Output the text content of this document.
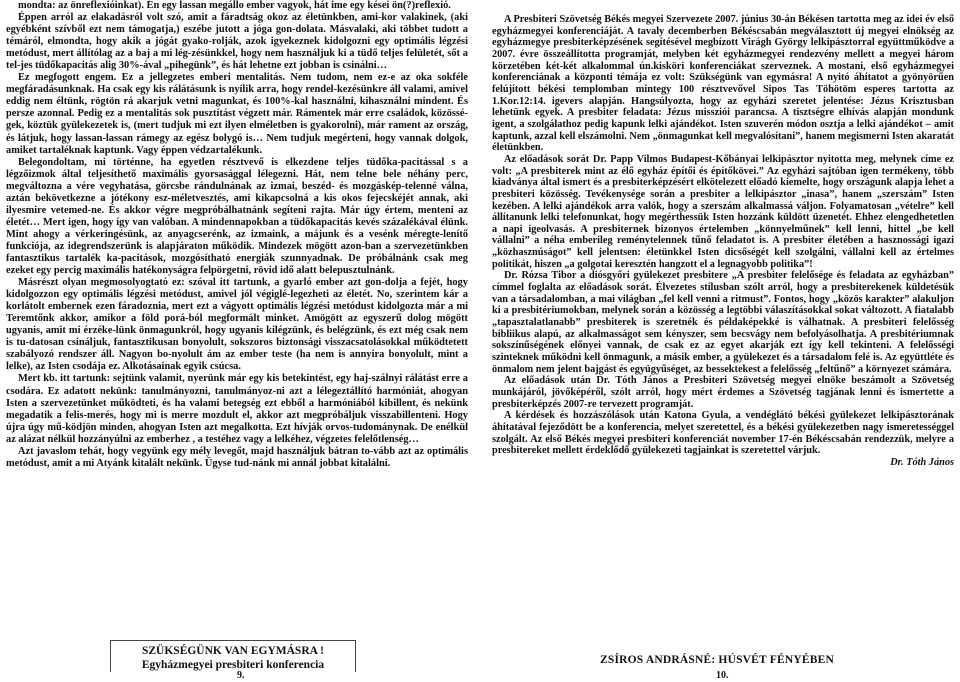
mondta: az önreflexióinkat). Én egy lassan megállo ember vagyok, hát ime egy kései ön(?)reflexió.

Éppen arról az elakadásról volt szó, amit a fáradtság okoz az életünkben, ami-kor valakinek, (aki egyébként szívből ezt nem támogatja,) eszébe jutott a jóga gon-dolata. Másvalaki, aki többet tudott a témáról, elmondta, hogy akik a jógát gyako-rolják, azok igyekeznek kidolgozni egy optimális légzési metódust, mert állítólag az a baj a mi lég-zésünkkel, hogy nem használjuk ki a tüdő teljes felületét, sőt a tel-jes tüdőkapacitás alig 30%-ával „pihegünk”, és hát lehetne ezt jobban is csinálni…

Ez megfogott engem. Ez a jellegzetes emberi mentalitás. Nem tudom, nem ez-e az oka sokféle megfáradásunknak. Ha csak egy kis rálátásunk is nyílik arra, hogy rendel-kezésünkre áll valami, amivel eddig nem éltünk, rögtön rá akarjuk vetni magunkat, és 100%-kal használni, kihasználni mindent. És persze azonnal. Pedig ez a mentalitás sok pusztítást végzett már. Rámentek már erre családok, közössé-gek, köztük gyülekezetek is, (mert tudjuk mi ezt ilyen elméletben is gyakorolni), már rament az ország, és látjuk, hogy lassan-lassan rámegy az egész bolygó is… Nem tudjuk megérteni, hogy vannak dolgok, amiket tartaléknak kaptunk. Vagy éppen védzartalékunk.

Belegondoltam, mi történne, ha egyetlen résztvevő is elkezdene teljes tüdőka-pacitással s a légzőizmok által teljesíthető maximális gyorsasággal lélegezni. Hát, nem telne bele néhány perc, megváltozna a vére vegyhatása, görcsbe rándulnának az izmai, beszéd- és mozgáskép-telenné válna, aztán bekövetkezne a jótékony esz-méletvesztés, ami kikapcsolná a kis okos fejecskéjét annak, aki ilyesmire vetemed-ne. És akkor végre megpróbálhatnánk segíteni rajta. Már úgy értem, menteni az életét… Mert igen, hogy így van valóban. A mindennapokban a tüdőkapacitás kevés százalékával élünk. Mint ahogy a vérkeringésünk, az anyagcserénk, az izmaink, a májunk és a vesénk méregte-lenítő funkciója, az idegrendszerünk is alapjáraton működik. Mindezek mögött azon-ban a szervezetünkben fantasztikus tartalék ka-pacitások, mozgósítható energiák szunnyadnak. De próbálnánk csak meg ezeket egy percig maximális hatékonyságra felpörgetni, rövid idő alatt belepusztulnánk.

Másrészt olyan megmosolyogtató ez: szóval itt tartunk, a gyarló ember azt gon-dolja a fejét, hogy kidolgozzon egy optimális légzési metódust, amivel jól végiglé-legezheti az életét. No, szerintem kár a korlátolt embernek ezen fáradoznia, mert ezt a vágyott optimális légzési metódust kidolgozta már a mi Teremtőnk akkor, amikor a föld porá-ból megformált minket. Amögött az egyszerű dolog mögött ugyanis, amit mi érzéke-lünk önmagunkról, hogy ugyanis kilégzünk, és belégzünk, és ezt még csak nem is tu-datosan csináljuk, fantasztikusan bonyolult, sokszoros biztonsági visszacsatolásokkal működtetett szabályozó rendszer áll. Nagyon bo-nyolult ám az ember teste (ha nem is annyira bonyolult, mint a lelke), az Isten csodája ez. Alkotásainak egyik csúcsa.

Mert kb. itt tartunk: sejtünk valamit, nyerünk már egy kis betekintést, egy haj-szálnyi rálátást erre a csodára. Ez adatott nekünk: tanulmányozni, tanulmányoz-ni azt a lélegeztállító harmóniát, ahogyan Isten a szervezetünket működteti, és ha valami betegség ezt ebből a harmóniából kibillent, és nekünk megadatik a felis-merés, hogy mi is merre mozdult el, akkor azt megpróbáljuk visszabillenteni. Hogy újra úgy mű-ködjön minden, ahogyan Isten azt megalkotta. Ezt hívják orvos-tudománynak. De enélkül az alázat nélkül hozzányúlni az emberhez , a testéhez vagy a lelkéhez, végzetes felelőtlenség…

Azt javaslom tehát, hogy vegyünk egy mély levegőt, majd használjuk bátran to-vább azt az optimális metódust, amit a mi Atyánk kitalált nekünk. Ügyse tud-nánk mi annál jobbat kitalálni.

SZÜKSÉGÜNK VAN EGYMÁSRA !
Egyházmegyei presbiteri konferencia
9.

A Presbiteri Szövetség Békés megyei Szervezete 2007. június 30-án Békésen tartotta meg az idei év első egyházmegyei konferenciáját. A tavaly decemberben Békéscsabán megválasztott új megyei elnökség az egyházmegye presbiterképzésének segítésével megbízott Virágh György lelkipásztorral együttműködve a 2007. évre összeállította programját, melyben két egyházmegyei rendezvény mellett a megyei három körzetében két-két alkalommal ún.kisköri konferenciákat szerveznek. A mostani, első egyházmegyei konferenciának a központi témája ez volt: Szükségünk van egymásra! A nyitó áhítatot a gyönyörűen felújított békési templomban mintegy 100 résztvevővel Sipos Tas Töhötöm esperes tartotta az 1.Kor.12:14. igevers alapján. Hangsúlyozta, hogy az egyházi szeretet jelentése: Jézus Krisztusban lehetünk egyek. A presbiter feladata: Jézus missziói parancsa. A tisztségre elhívás alapján mondunk igent, a szolgálathoz pedig kapunk lelki ajándékot. Isten szuverén módon osztja a lelki ajándékot – amit kaptunk, azzal kell elszámolni. Nem „önmagunkat kell megvalósítani”, hanem megismerni Isten akaratát életünkben.

Az előadások sorát Dr. Papp Vilmos Budapest-Kőbányai lelkipásztor nyitotta meg, melynek címe ez volt: „A presbiterek mint az élő egyház építői és építőkövei.” Az egyházi sajtóban igen termékeny, több kiadványa által ismert és a presbiterképzésért elkötelezett előadó kiemelte, hogy országunk alapja lehet a presbiteri közösség. Tevékenysége során a presbiter a lelkipásztor „inasa”, hanem „szerszám” Isten kezében. A lelki ajándékok arra valók, hogy a szerszám alkalmassá váljon. Folyamatosan „vételre” kell állítanunk lelki telefonunkat, hogy megérthessük Isten hozzánk küldött üzenetét. Ehhez elengedhetetlen a napi igeolvasás. A presbiternek bizonyos értelemben „könnyelműnek” kell lenni, hittel „be kell vállalni” a néha emberileg reménytelennek tűnő feladatot is. A presbiter életében a hasznossági igazi „közhasznúságot” kell jelentsen: életünkkel Isten dicsőségét kell szolgálni, vállalni kell az értelmes politikát, hiszen „a golgotai keresztén hangzott el a legnagyobb politika”!

Dr. Rózsa Tibor a diósgyőri gyülekezet presbitere „A presbiter felelősége és feladata az egyházban” címmel foglalta az előadások sorát. Élvezetes stílusban szólt arról, hogy a presbiterekenek küldetésük van a társadalomban, a mai világban „fel kell venni a ritmust”. Fontos, hogy „közös karakter” alakuljon ki a presbitériumokban, melynek során a közösség a legtöbbi válaszításokkal sokat változott. A fiatalabb „tapasztalatlanabb” presbiterek is szeretnék és példaképekké is válhatnak. A presbiteri felelősség bibliikus alapú, az alkalmasságot sem kényszer, sem becsvágy nem befolyásolhatja. A presbitériumnak sokszínűségének előnyei vannak, de csak ez az egyet akarják ezt így kell tekinteni. A felelősségi szinteknek működni kell önmagunk, a másik ember, a gyülekezet és a társadalom felé is. Az együttléte és önmalom nem jelent bajgást és együgyűséget, az bessektekest a felelősség „feltűnő” a környezet számára.

Az előadások után Dr. Tóth János a Presbiteri Szövetség megyei elnöke beszámolt a Szövetség munkájáról, jövőképéről, szólt arról, hogy mért érdemes a Szövetség tagjának lenni és ismertette a presbiterképzés 2007-re tervezett programját.

A kérdések és hozzászólások után Katona Gyula, a vendéglátó békési gyülekezet lelkipásztorának áhítatával fejeződött be a konferencia, melyet szeretettel, és a békési gyülekezetben nagy ismeretességgel szolgált. Az első Békés megyei presbiteri konferenciát november 17-én Békéscsabán rendezzük, melyre a presbitereket mellett érdeklődő gyülekezeti tagjainkat is szeretettel várjuk.

Dr. Tóth János

ZSÍROS ANDRÁSNÉ: HÚSVÉT FÉNYÉBEN
10.
